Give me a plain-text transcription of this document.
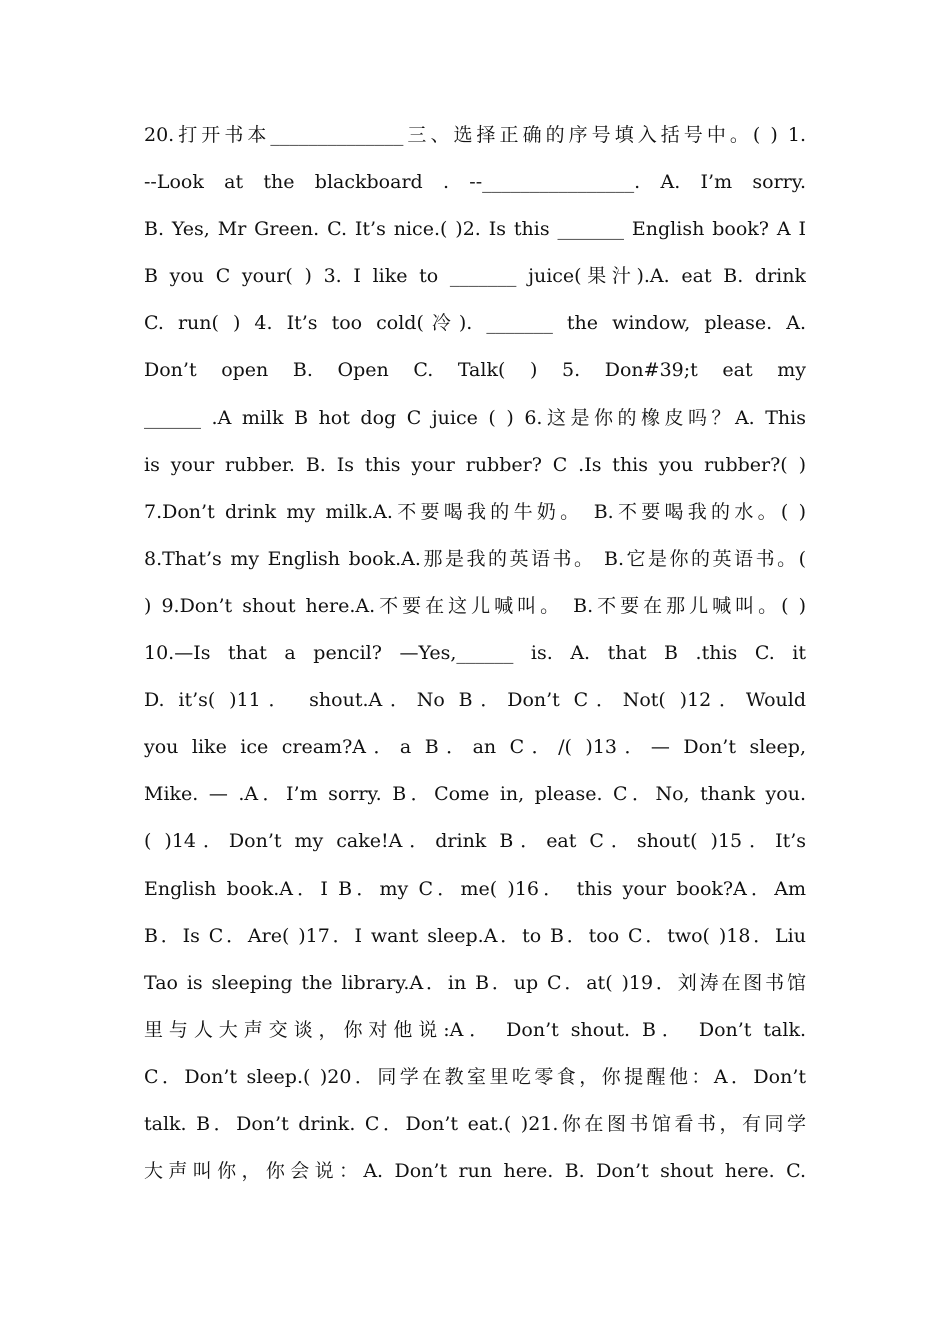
20.打开书本______________三、选择正确的序号填入括号中。( ) 1.
--Look at the blackboard . --________________. A. I’m sorry.
B. Yes, Mr Green. C. It’s nice.( )2. Is this _______ English book? A I
B you C your( ) 3. I like to _______ juice(果汁).A. eat B. drink
C. run( ) 4. It’s too cold(冷). _______ the window, please. A.
Don’t open B. Open C. Talk( ) 5. Don#39;t eat my
______ .A milk B hot dog C juice ( ) 6.这是你的橡皮吗？A. This
is your rubber. B. Is this your rubber? C .Is this you rubber?( )
7.Don’t drink my milk.A.不要喝我的牛奶。 B.不要喝我的水。( )
8.That’s my English book.A.那是我的英语书。 B.它是你的英语书。(
) 9.Don’t shout here.A.不要在这儿喊叫。 B.不要在那儿喊叫。( )
10.—Is that a pencil? —Yes,______ is. A. that B .this C. it
D. it’s( )11． shout.A．No B．Don’t C．Not( )12．Would
you like ice cream?A．a B．an C．/( )13．— Don’t sleep,
Mike. — .A．I’m sorry. B．Come in, please. C．No, thank you.
( )14．Don’t my cake!A．drink B．eat C．shout( )15．It’s
English book.A．I B．my C．me( )16． this your book?A．Am
B．Is C．Are( )17．I want sleep.A．to B．too C．two( )18．Liu
Tao is sleeping the library.A．in B．up C．at( )19．刘涛在图书馆
里与人大声交谈，你对他说:A． Don’t shout. B． Don’t talk.
C．Don’t sleep.( )20．同学在教室里吃零食，你提醒他：A．Don’t
talk. B．Don’t drink. C．Don’t eat.( )21.你在图书馆看书，有同学
大声叫你，你会说：A. Don’t run here. B. Don’t shout here. C.
